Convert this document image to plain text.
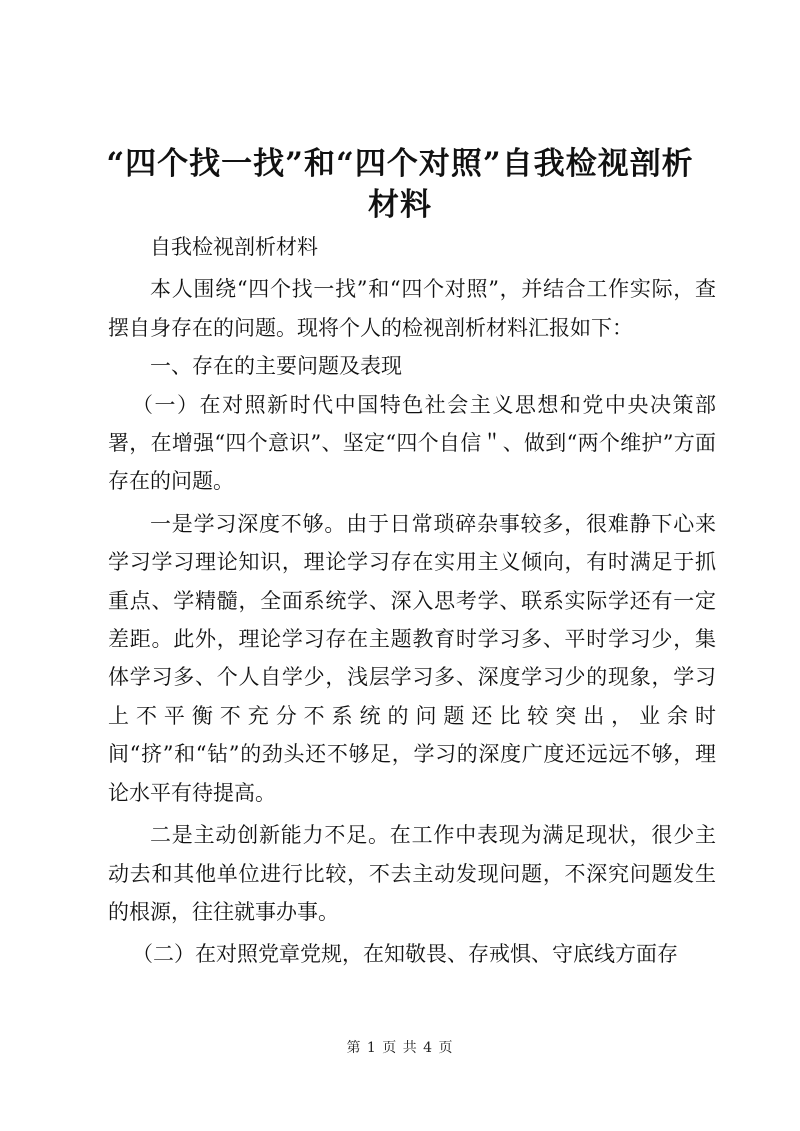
“四个找一找”和“四个对照”自我检视剖析
材料

自我检视剖析材料

本人围绕“四个找一找”和“四个对照”，并结合工作实际，查摆自身存在的问题。现将个人的检视剖析材料汇报如下：

一、存在的主要问题及表现

（一）在对照新时代中国特色社会主义思想和党中央决策部署，在增强“四个意识”、坚定“四个自信＂、做到“两个维护”方面存在的问题。

一是学习深度不够。由于日常琐碎杂事较多，很难静下心来学习学习理论知识，理论学习存在实用主义倾向，有时满足于抓重点、学精髓，全面系统学、深入思考学、联系实际学还有一定差距。此外，理论学习存在主题教育时学习多、平时学习少，集体学习多、个人自学少，浅层学习多、深度学习少的现象，学习上不平衡不充分不系统的问题还比较突出，业余时间“挤”和“钻”的劲头还不够足，学习的深度广度还远远不够，理论水平有待提高。

二是主动创新能力不足。在工作中表现为满足现状，很少主动去和其他单位进行比较，不去主动发现问题，不深究问题发生的根源，往往就事办事。

（二）在对照党章党规，在知敬畏、存戒惧、守底线方面存

第 1 页 共 4 页
